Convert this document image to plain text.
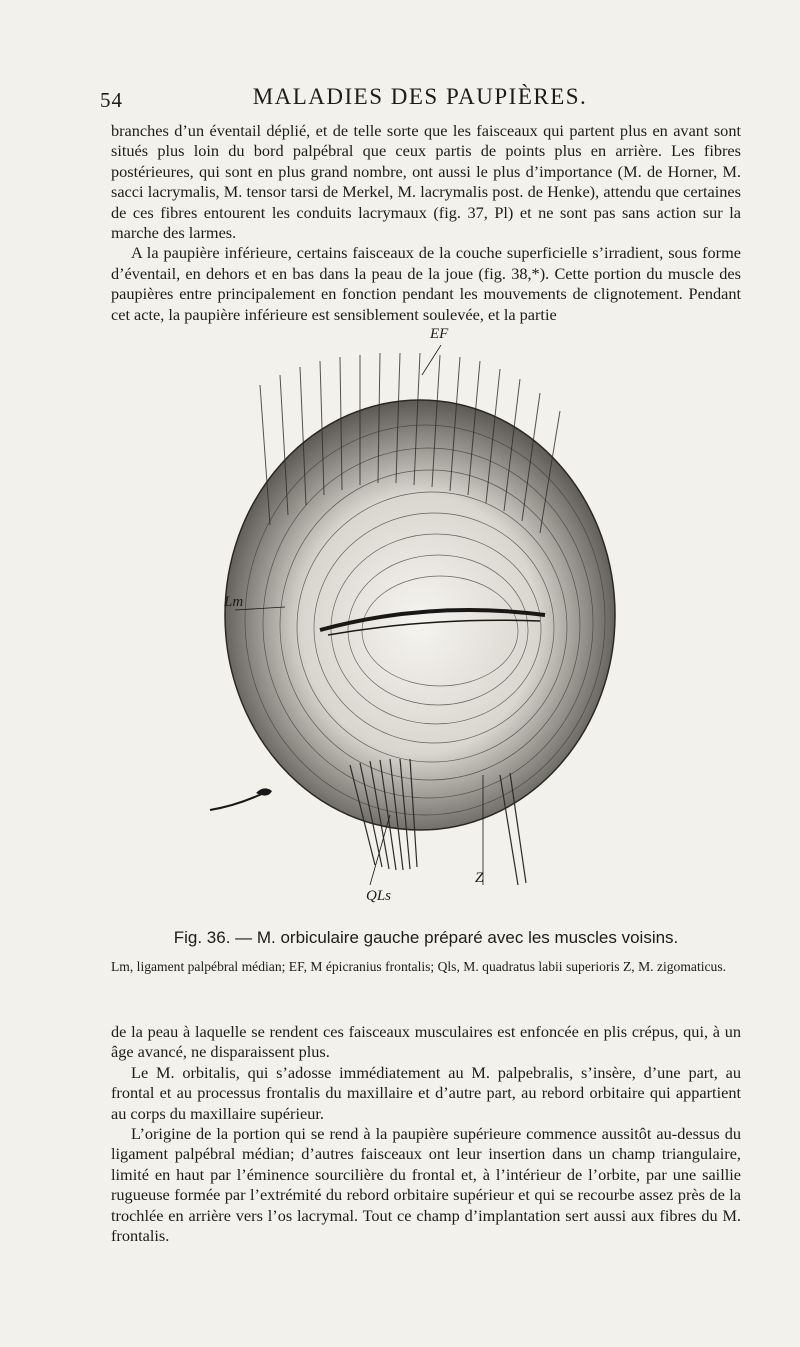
54	MALADIES DES PAUPIÈRES.

branches d’un éventail déplié, et de telle sorte que les faisceaux qui partent plus en avant sont situés plus loin du bord palpébral que ceux partis de points plus en arrière. Les fibres postérieures, qui sont en plus grand nombre, ont aussi le plus d’importance (M. de Horner, M. sacci lacrymalis, M. tensor tarsi de Merkel, M. lacrymalis post. de Henke), attendu que certaines de ces fibres entourent les conduits lacrymaux (fig. 37, Pl) et ne sont pas sans action sur la marche des larmes.

A la paupière inférieure, certains faisceaux de la couche superficielle s’irradient, sous forme d’éventail, en dehors et en bas dans la peau de la joue (fig. 38,*). Cette portion du muscle des paupières entre principalement en fonction pendant les mouvements de clignotement. Pendant cet acte, la paupière inférieure est sensiblement soulevée, et la partie

EF
Lm
QLs
Z
Fig. 36. — M. orbiculaire gauche préparé avec les muscles voisins.
Lm, ligament palpébral médian; EF, M épicranius frontalis; Qls, M. quadratus labii superioris Z, M. zigomaticus.

de la peau à laquelle se rendent ces faisceaux musculaires est enfoncée en plis crépus, qui, à un âge avancé, ne disparaissent plus.

Le M. orbitalis, qui s’adosse immédiatement au M. palpebralis, s’insère, d’une part, au frontal et au processus frontalis du maxillaire et d’autre part, au rebord orbitaire qui appartient au corps du maxillaire supérieur.

L’origine de la portion qui se rend à la paupière supérieure commence aussitôt au-dessus du ligament palpébral médian; d’autres faisceaux ont leur insertion dans un champ triangulaire, limité en haut par l’éminence sourcilière du frontal et, à l’intérieur de l’orbite, par une saillie rugueuse formée par l’extrémité du rebord orbitaire supérieur et qui se recourbe assez près de la trochlée en arrière vers l’os lacrymal. Tout ce champ d’implantation sert aussi aux fibres du M. frontalis.
